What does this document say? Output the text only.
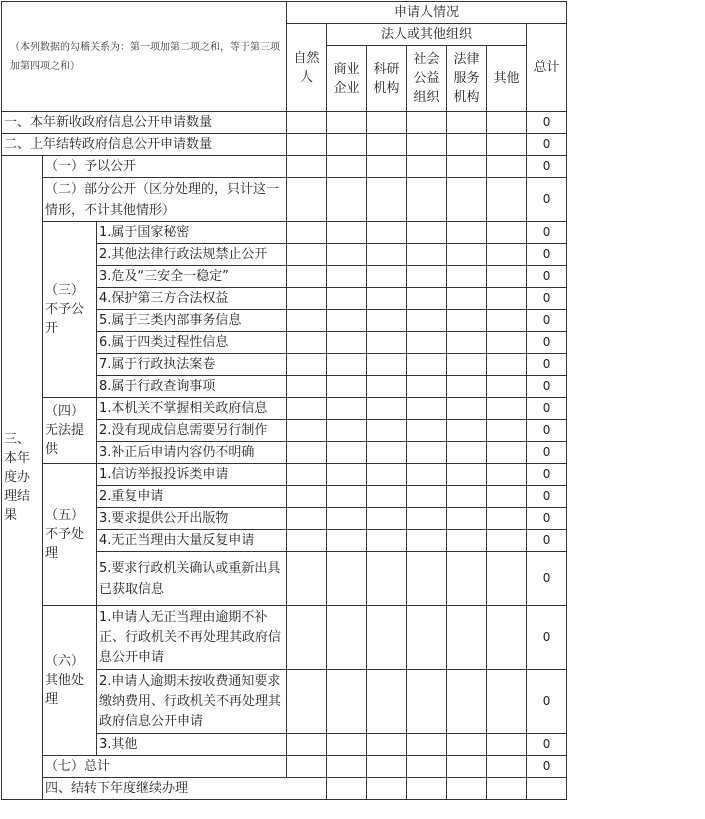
（本列数据的勾稽关系为：第一项加第二项之和，等于第三项加第四项之和）			申请人情况							
			自然人	法人或其他组织					总计	
				商业企业	科研机构	社会公益组织	法律服务机构	其他		
一、本年新收政府信息公开申请数量									0	
二、上年结转政府信息公开申请数量									0	
三、本年度办理结果	（一）予以公开								0	
	（二）部分公开（区分处理的，只计这一情形，不计其他情形）								0	
	（三）不予公开	1.属于国家秘密							0	
		2.其他法律行政法规禁止公开							0	
		3.危及“三安全一稳定”							0	
		4.保护第三方合法权益							0	
		5.属于三类内部事务信息							0	
		6.属于四类过程性信息							0	
		7.属于行政执法案卷							0	
		8.属于行政查询事项							0	
	（四）无法提供	1.本机关不掌握相关政府信息							0	
		2.没有现成信息需要另行制作							0	
		3.补正后申请内容仍不明确							0	
	（五）不予处理	1.信访举报投诉类申请							0	
		2.重复申请							0	
		3.要求提供公开出版物							0	
		4.无正当理由大量反复申请							0	
		5.要求行政机关确认或重新出具已获取信息							0	
	（六）其他处理	1.申请人无正当理由逾期不补正、行政机关不再处理其政府信息公开申请							0	
		2.申请人逾期未按收费通知要求缴纳费用、行政机关不再处理其政府信息公开申请							0	
		3.其他							0	
	（七）总计								0	
	四、结转下年度继续办理							
